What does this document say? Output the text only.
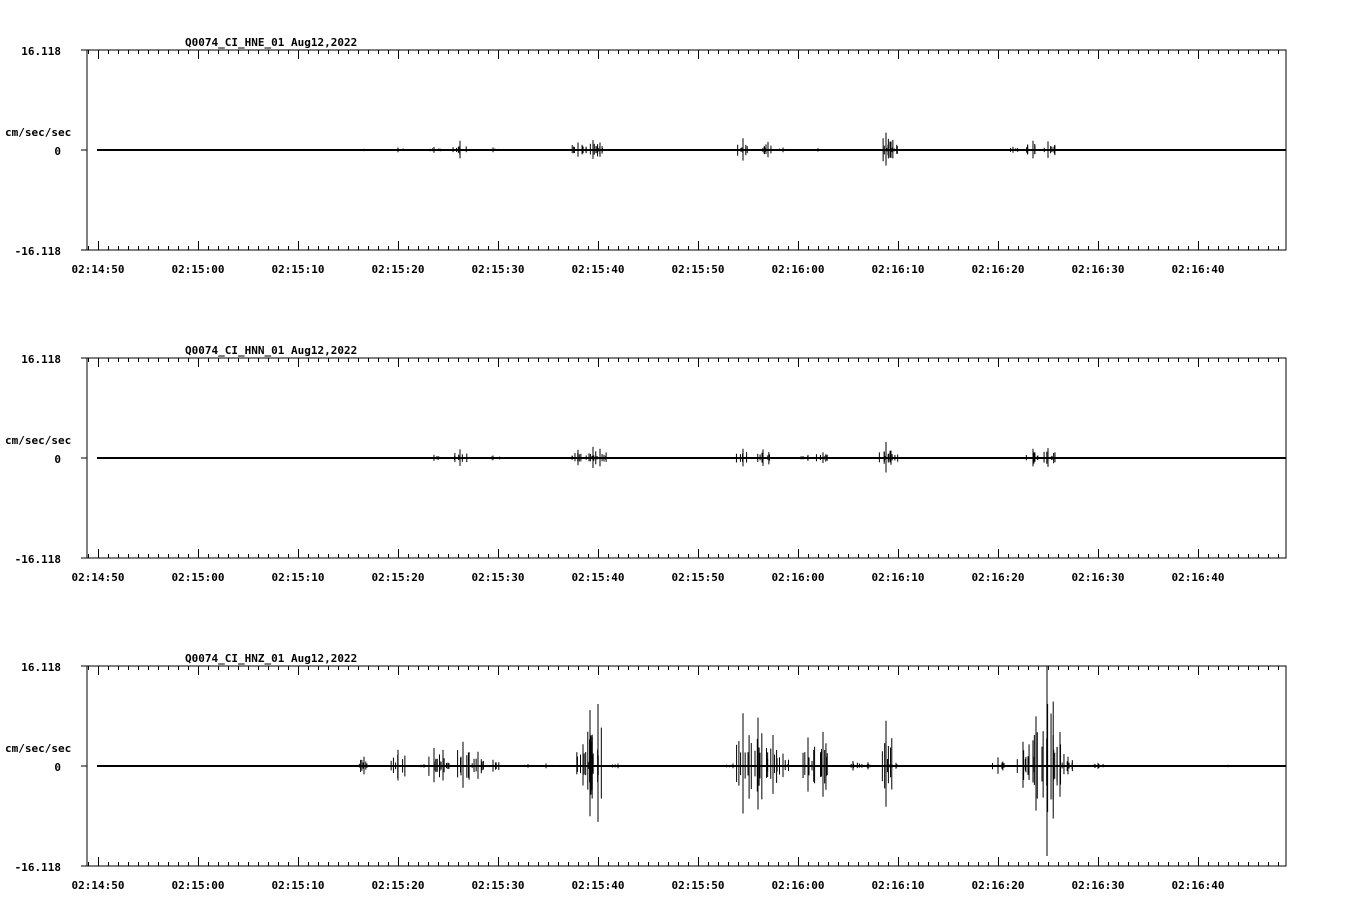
Q0074_CI_HNE_01 Aug12,2022
cm/sec/sec
16.118
0
-16.118
02:14:50	02:15:00	02:15:10	02:15:20	02:15:30	02:15:40	02:15:50	02:16:00	02:16:10	02:16:20	02:16:30	02:16:40
Q0074_CI_HNN_01 Aug12,2022
cm/sec/sec
16.118
0
-16.118
02:14:50	02:15:00	02:15:10	02:15:20	02:15:30	02:15:40	02:15:50	02:16:00	02:16:10	02:16:20	02:16:30	02:16:40
Q0074_CI_HNZ_01 Aug12,2022
cm/sec/sec
16.118
0
-16.118
02:14:50	02:15:00	02:15:10	02:15:20	02:15:30	02:15:40	02:15:50	02:16:00	02:16:10	02:16:20	02:16:30	02:16:40
